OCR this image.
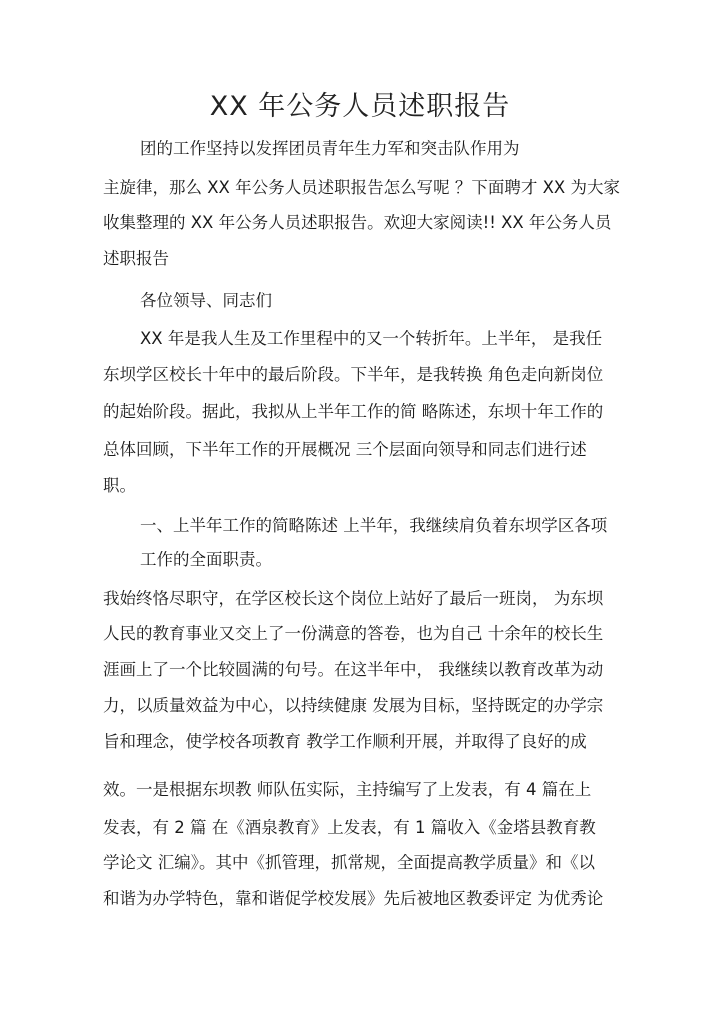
XX 年公务人员述职报告
团的工作坚持以发挥团员青年生力军和突击队作用为
主旋律，那么 XX 年公务人员述职报告怎么写呢 ？下面聘才 XX 为大家
收集整理的 XX 年公务人员述职报告。欢迎大家阅读!! XX 年公务人员
述职报告
各位领导、同志们
XX 年是我人生及工作里程中的又一个转折年。上半年， 是我任
东坝学区校长十年中的最后阶段。下半年，是我转换 角色走向新岗位
的起始阶段。据此，我拟从上半年工作的简 略陈述，东坝十年工作的
总体回顾，下半年工作的开展概况 三个层面向领导和同志们进行述
职。
一、上半年工作的简略陈述 上半年，我继续肩负着东坝学区各项
工作的全面职责。
我始终恪尽职守，在学区校长这个岗位上站好了最后一班岗， 为东坝
人民的教育事业又交上了一份满意的答卷，也为自己 十余年的校长生
涯画上了一个比较圆满的句号。在这半年中， 我继续以教育改革为动
力，以质量效益为中心，以持续健康 发展为目标，坚持既定的办学宗
旨和理念，使学校各项教育 教学工作顺利开展，并取得了良好的成
效。一是根据东坝教 师队伍实际，主持编写了上发表，有 4 篇在上
发表，有 2 篇 在《酒泉教育》上发表，有 1 篇收入《金塔县教育教
学论文 汇编》。其中《抓管理，抓常规，全面提高教学质量》和《以
和谐为办学特色，靠和谐促学校发展》先后被地区教委评定 为优秀论
